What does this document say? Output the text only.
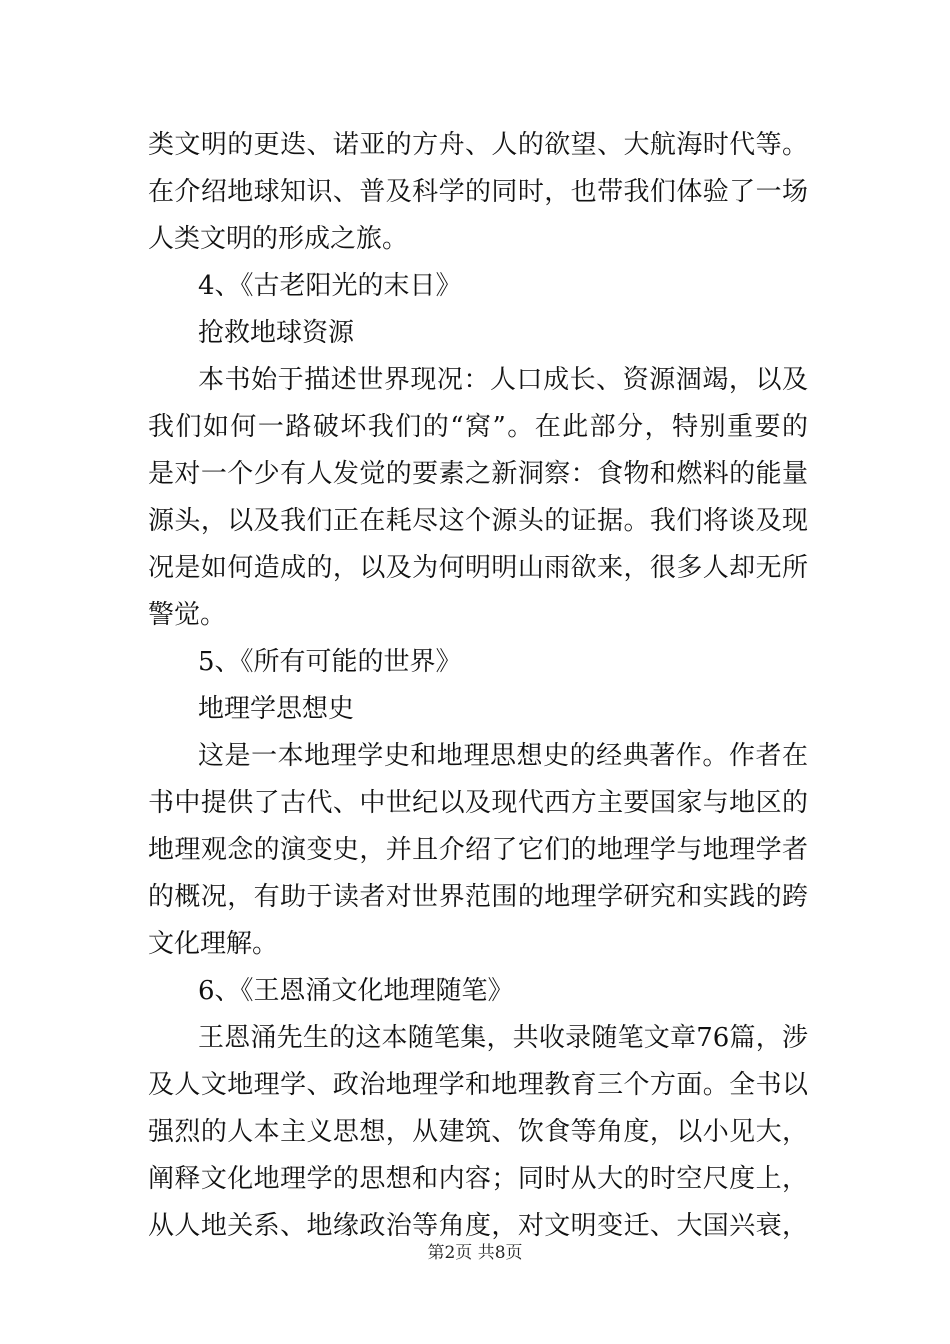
类文明的更迭、诺亚的方舟、人的欲望、大航海时代等。
在介绍地球知识、普及科学的同时，也带我们体验了一场
人类文明的形成之旅。
4、《古老阳光的末日》
抢救地球资源
本书始于描述世界现况：人口成长、资源涸竭，以及
我们如何一路破坏我们的“窝”。在此部分，特别重要的
是对一个少有人发觉的要素之新洞察：食物和燃料的能量
源头，以及我们正在耗尽这个源头的证据。我们将谈及现
况是如何造成的，以及为何明明山雨欲来，很多人却无所
警觉。
5、《所有可能的世界》
地理学思想史
这是一本地理学史和地理思想史的经典著作。作者在
书中提供了古代、中世纪以及现代西方主要国家与地区的
地理观念的演变史，并且介绍了它们的地理学与地理学者
的概况，有助于读者对世界范围的地理学研究和实践的跨
文化理解。
6、《王恩涌文化地理随笔》
王恩涌先生的这本随笔集，共收录随笔文章76篇，涉
及人文地理学、政治地理学和地理教育三个方面。全书以
强烈的人本主义思想，从建筑、饮食等角度，以小见大，
阐释文化地理学的思想和内容；同时从大的时空尺度上，
从人地关系、地缘政治等角度，对文明变迁、大国兴衰，
第2页 共8页
